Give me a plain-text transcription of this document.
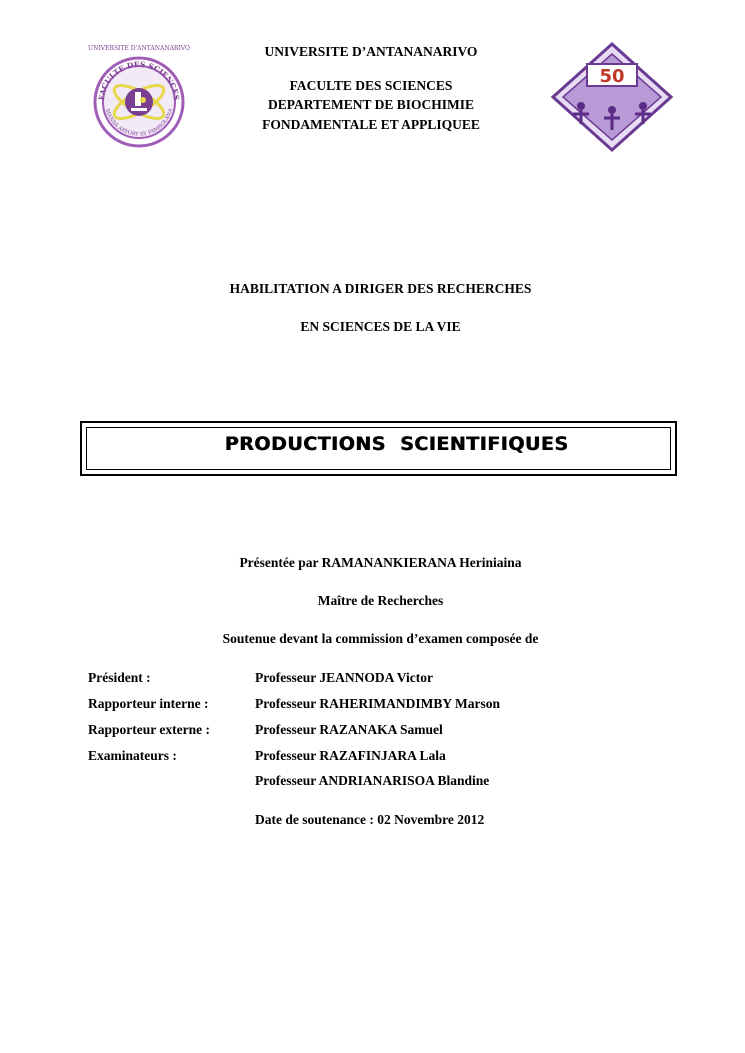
UNIVERSITE D'ANTANANARIVO
FACULTE DES SCIENCES
SIANSA ARYORY SY FAMBOLANA
UNIVERSITE D’ANTANANARIVO
FACULTE DES SCIENCES
DEPARTEMENT DE BIOCHIMIE
FONDAMENTALE ET APPLIQUEE
50
HABILITATION A DIRIGER DES RECHERCHES
EN SCIENCES DE LA VIE
PRODUCTIONS  SCIENTIFIQUES
Présentée par RAMANANKIERANA Heriniaina
Maître de Recherches
Soutenue devant la commission d’examen composée de
Président :	Professeur JEANNODA Victor
Rapporteur interne :	Professeur RAHERIMANDIMBY Marson
Rapporteur externe :	Professeur RAZANAKA Samuel
Examinateurs :	Professeur RAZAFINJARA Lala
Professeur ANDRIANARISOA Blandine
Date de soutenance : 02 Novembre 2012
